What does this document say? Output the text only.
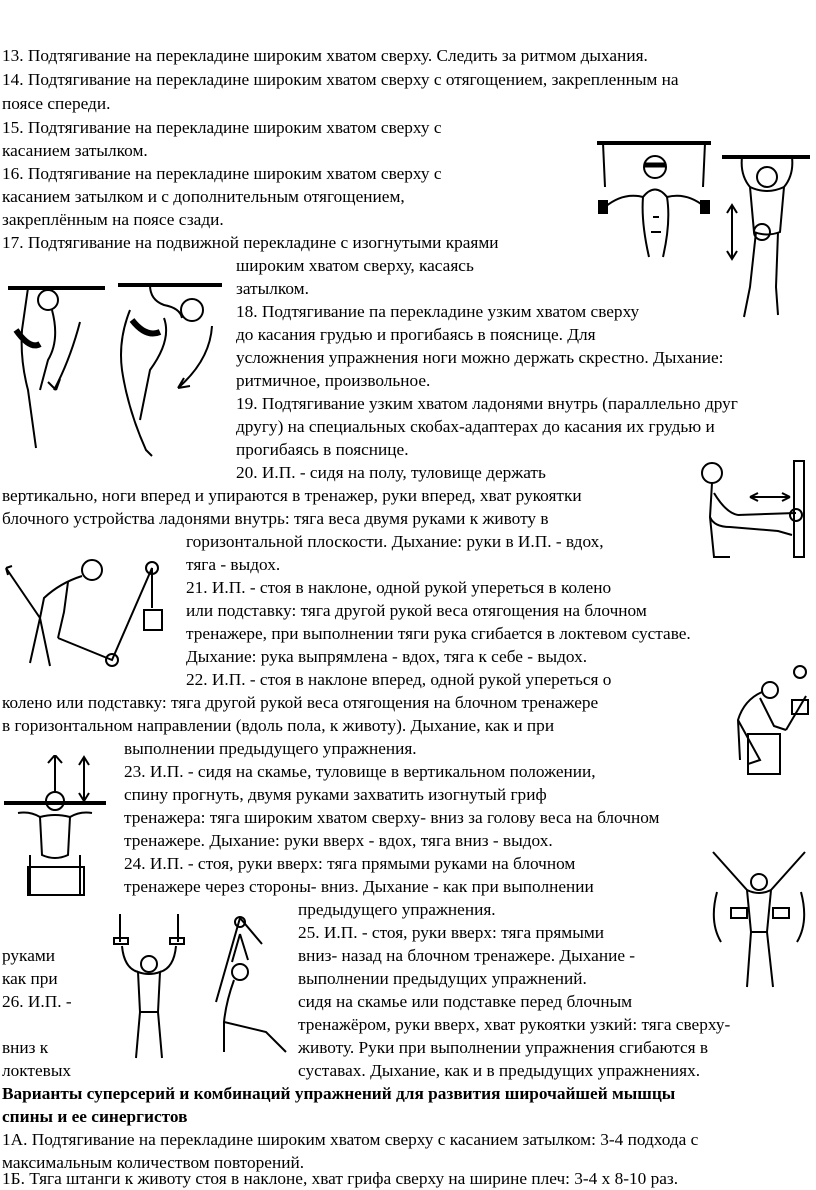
13. Подтягивание на перекладине широким хватом сверху. Следить за ритмом дыхания.
14. Подтягивание на перекладине широким хватом сверху с отягощением, закрепленным на
поясе спереди.
15. Подтягивание на перекладине широким хватом сверху с
касанием затылком.
16. Подтягивание на перекладине широким хватом сверху с
касанием затылком и с дополнительным отягощением,
закреплённым на поясе сзади.
17. Подтягивание на подвижной перекладине с изогнутыми краями
широким хватом сверху, касаясь
затылком.
18. Подтягивание па перекладине узким хватом сверху
до касания грудью и прогибаясь в пояснице. Для
усложнения упражнения ноги можно держать скрестно. Дыхание:
ритмичное, произвольное.
19. Подтягивание узким хватом ладонями внутрь (параллельно друг
другу) на специальных скобах-адаптерах до касания их грудью и
прогибаясь в пояснице.
20. И.П. - сидя на полу, туловище держать
вертикально, ноги вперед и упираются в тренажер, руки вперед, хват рукоятки
блочного устройства ладонями внутрь: тяга веса двумя руками к животу в
горизонтальной плоскости. Дыхание: руки в И.П. - вдох,
тяга - выдох.
21. И.П. - стоя в наклоне, одной рукой упереться в колено
или подставку: тяга другой рукой веса отягощения на блочном
тренажере, при выполнении тяги рука сгибается в локтевом суставе.
Дыхание: рука выпрямлена - вдох, тяга к себе - выдох.
22. И.П. - стоя в наклоне вперед, одной рукой упереться о
колено или подставку: тяга другой рукой веса отягощения на блочном тренажере
в горизонтальном направлении (вдоль пола, к животу). Дыхание, как и при
выполнении предыдущего упражнения.
23. И.П. - сидя на скамье, туловище в вертикальном положении,
спину прогнуть, двумя руками захватить изогнутый гриф
тренажера: тяга широким хватом сверху- вниз за голову веса на блочном
тренажере. Дыхание: руки вверх - вдох, тяга вниз - выдох.
24. И.П. - стоя, руки вверх: тяга прямыми руками на блочном
тренажере через стороны- вниз. Дыхание - как при выполнении
предыдущего упражнения.
25. И.П. - стоя, руки вверх: тяга прямыми
руками	вниз- назад на блочном тренажере. Дыхание -
как при	выполнении предыдущих упражнений.
26. И.П. -	сидя на скамье или подставке перед блочным
тренажёром, руки вверх, хват рукоятки узкий: тяга сверху-
вниз к	животу. Руки при выполнении упражнения сгибаются в
локтевых	суставах. Дыхание, как и в предыдущих упражнениях.
Варианты суперсерий и комбинаций упражнений для развития широчайшей мышцы
спины и ее синергистов
1А. Подтягивание на перекладине широким хватом сверху с касанием затылком: 3-4 подхода с
максимальным количеством повторений.
1Б. Тяга штанги к животу стоя в наклоне, хват грифа сверху на ширине плеч: 3-4 х 8-10 раз.
